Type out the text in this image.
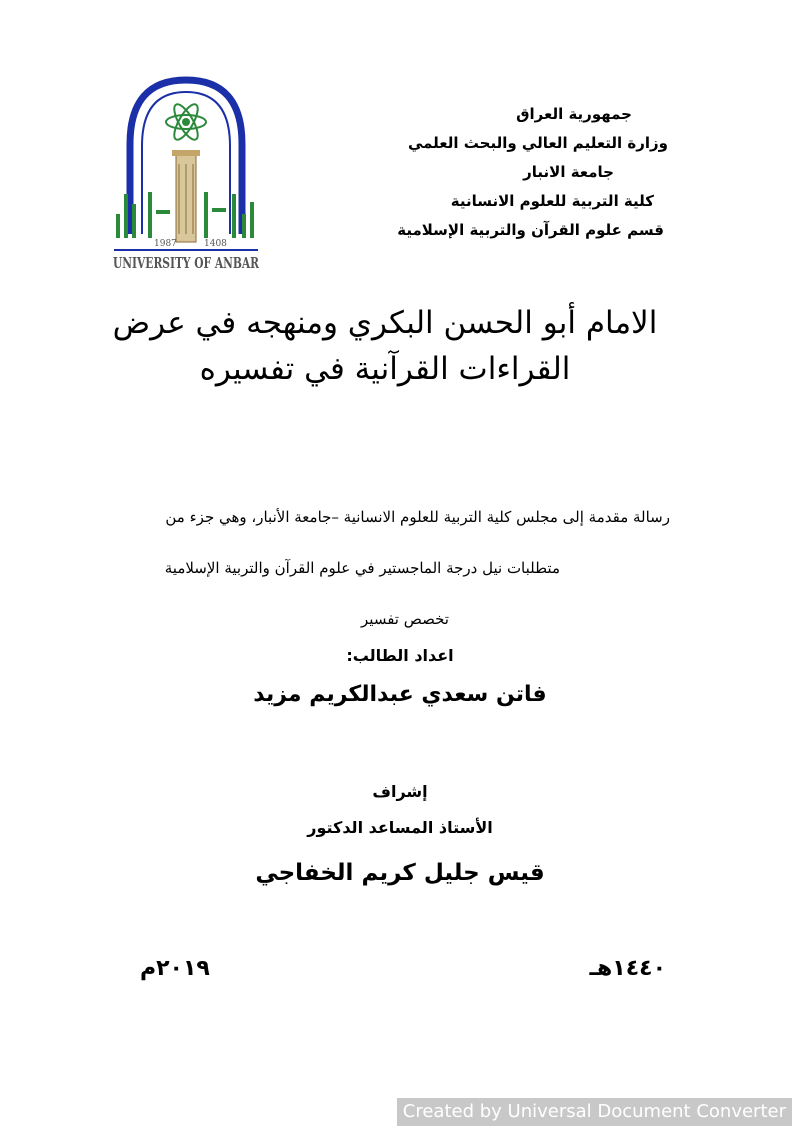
1987	1408
UNIVERSITY OF ANBAR
جمهورية العراق
وزارة التعليم العالي والبحث العلمي
جامعة الانبار
كلية التربية للعلوم الانسانية
قسم علوم القرآن والتربية الإسلامية
الامام أبو الحسن البكري ومنهجه في عرض
القراءات القرآنية في تفسيره
رسالة مقدمة إلى مجلس كلية التربية للعلوم الانسانية –جامعة الأنبار، وهي جزء من
متطلبات نيل درجة الماجستير في علوم القرآن والتربية الإسلامية
تخصص تفسير
اعداد الطالب:
فاتن سعدي عبدالكريم مزيد
إشراف
الأستاذ المساعد الدكتور
قيس جليل كريم الخفاجي
١٤٤٠هـ
٢٠١٩م
Created by Universal Document Converter
